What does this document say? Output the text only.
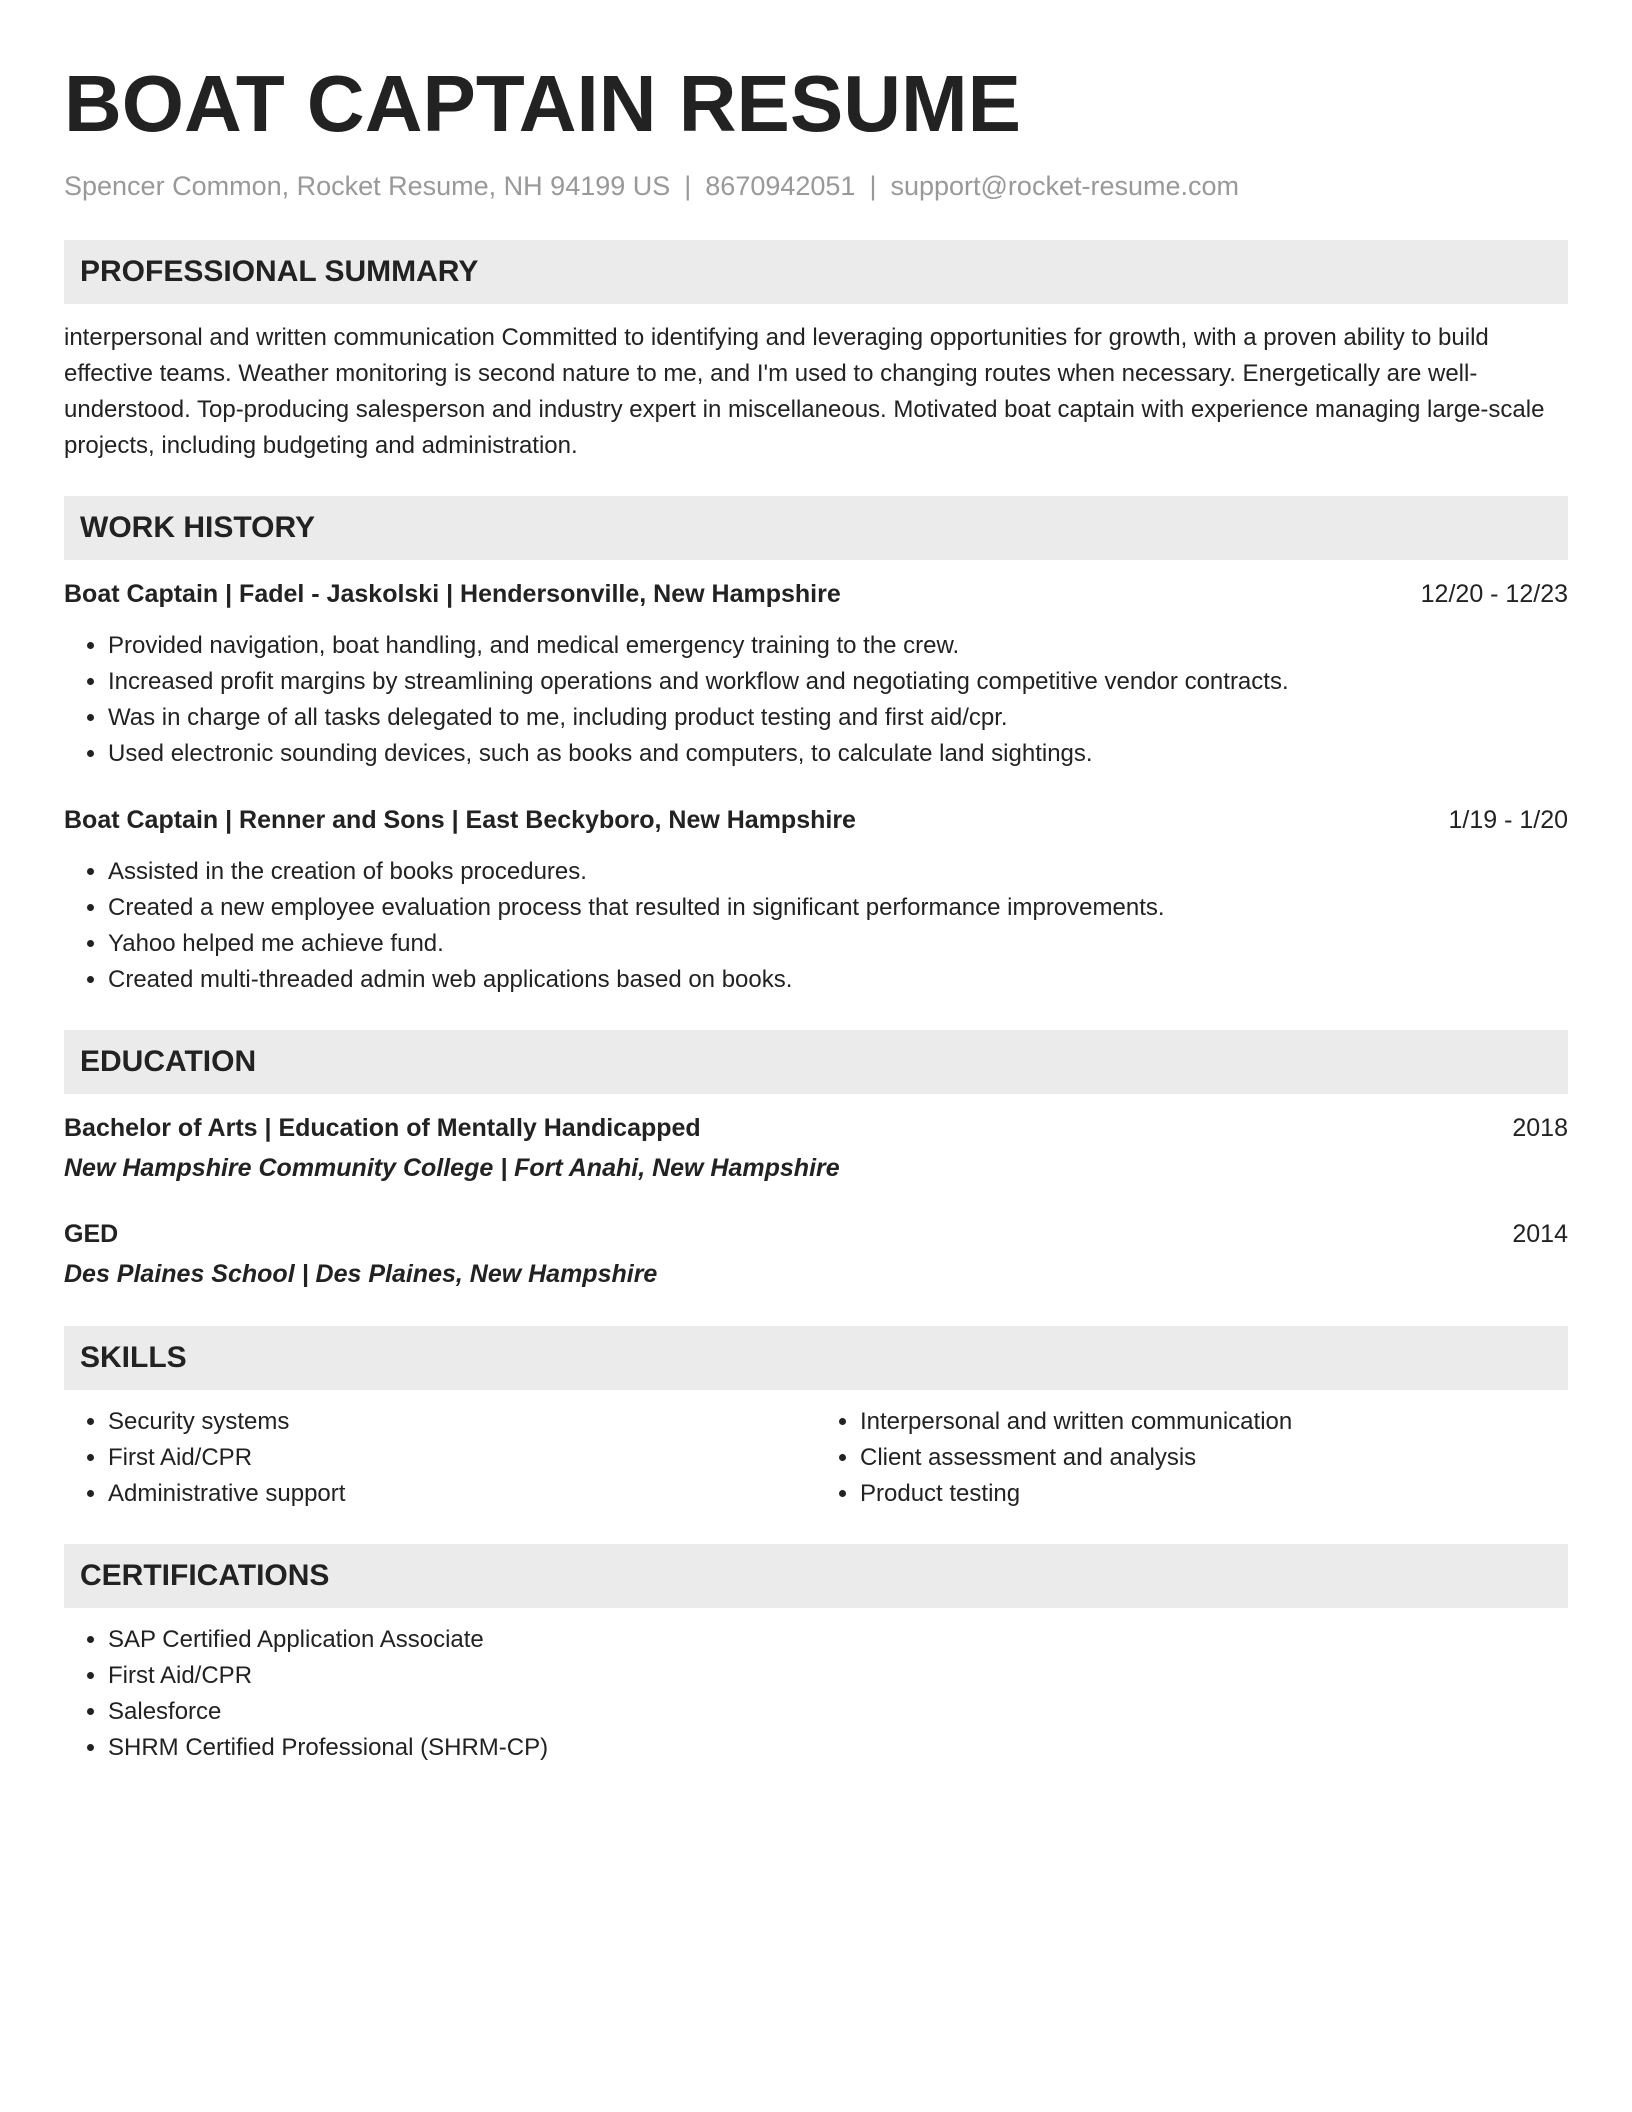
BOAT CAPTAIN RESUME
Spencer Common, Rocket Resume, NH 94199 US | 8670942051 | support@rocket-resume.com
PROFESSIONAL SUMMARY

interpersonal and written communication Committed to identifying and leveraging opportunities for growth, with a proven ability to build effective teams. Weather monitoring is second nature to me, and I'm used to changing routes when necessary. Energetically are well-understood. Top-producing salesperson and industry expert in miscellaneous. Motivated boat captain with experience managing large-scale projects, including budgeting and administration.

WORK HISTORY
Boat Captain | Fadel - Jaskolski | Hendersonville, New Hampshire	12/20 - 12/23
• Provided navigation, boat handling, and medical emergency training to the crew.
• Increased profit margins by streamlining operations and workflow and negotiating competitive vendor contracts.
• Was in charge of all tasks delegated to me, including product testing and first aid/cpr.
• Used electronic sounding devices, such as books and computers, to calculate land sightings.
Boat Captain | Renner and Sons | East Beckyboro, New Hampshire	1/19 - 1/20
• Assisted in the creation of books procedures.
• Created a new employee evaluation process that resulted in significant performance improvements.
• Yahoo helped me achieve fund.
• Created multi-threaded admin web applications based on books.
EDUCATION
Bachelor of Arts | Education of Mentally Handicapped	2018
New Hampshire Community College | Fort Anahi, New Hampshire
GED	2014
Des Plaines School | Des Plaines, New Hampshire
SKILLS
• Security systems
• First Aid/CPR
• Administrative support
• Interpersonal and written communication
• Client assessment and analysis
• Product testing
CERTIFICATIONS
• SAP Certified Application Associate
• First Aid/CPR
• Salesforce
• SHRM Certified Professional (SHRM-CP)
